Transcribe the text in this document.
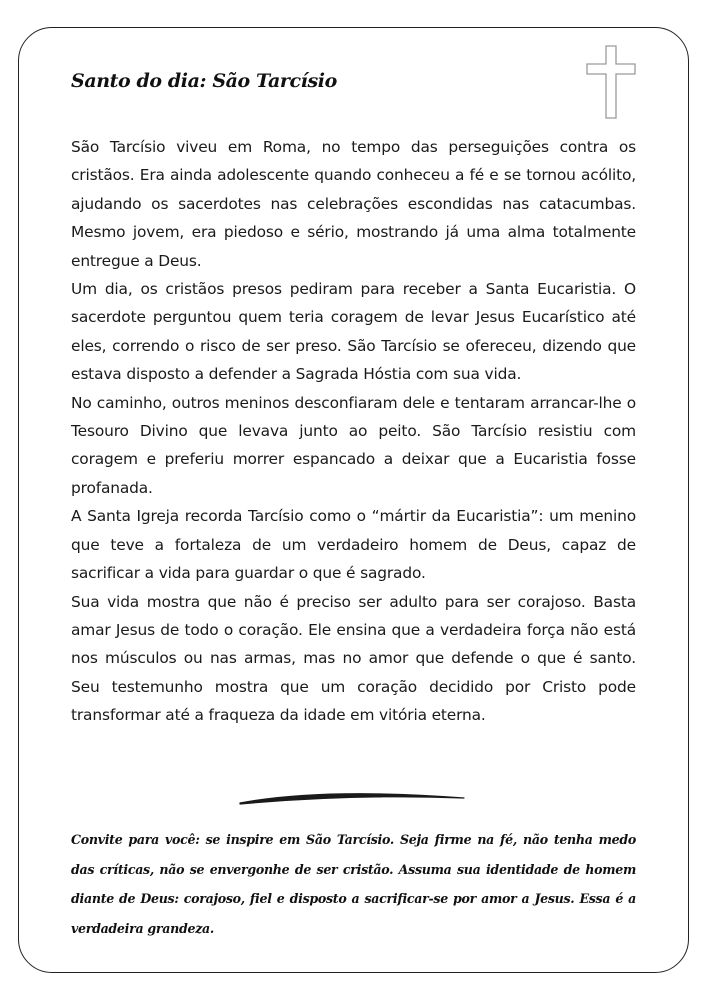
Santo do dia: São Tarcísio

São Tarcísio viveu em Roma, no tempo das perseguições contra os cristãos. Era ainda adolescente quando conheceu a fé e se tornou acólito, ajudando os sacerdotes nas celebrações escondidas nas catacumbas. Mesmo jovem, era piedoso e sério, mostrando já uma alma totalmente entregue a Deus.

Um dia, os cristãos presos pediram para receber a Santa Eucaristia. O sacerdote perguntou quem teria coragem de levar Jesus Eucarístico até eles, correndo o risco de ser preso. São Tarcísio se ofereceu, dizendo que estava disposto a defender a Sagrada Hóstia com sua vida.

No caminho, outros meninos desconfiaram dele e tentaram arrancar-lhe o Tesouro Divino que levava junto ao peito. São Tarcísio resistiu com coragem e preferiu morrer espancado a deixar que a Eucaristia fosse profanada.

A Santa Igreja recorda Tarcísio como o “mártir da Eucaristia”: um menino que teve a fortaleza de um verdadeiro homem de Deus, capaz de sacrificar a vida para guardar o que é sagrado.

Sua vida mostra que não é preciso ser adulto para ser corajoso. Basta amar Jesus de todo o coração. Ele ensina que a verdadeira força não está nos músculos ou nas armas, mas no amor que defende o que é santo. Seu testemunho mostra que um coração decidido por Cristo pode transformar até a fraqueza da idade em vitória eterna.

Convite para você: se inspire em São Tarcísio. Seja firme na fé, não tenha medo das críticas, não se envergonhe de ser cristão. Assuma sua identidade de homem diante de Deus: corajoso, fiel e disposto a sacrificar-se por amor a Jesus. Essa é a verdadeira grandeza.
